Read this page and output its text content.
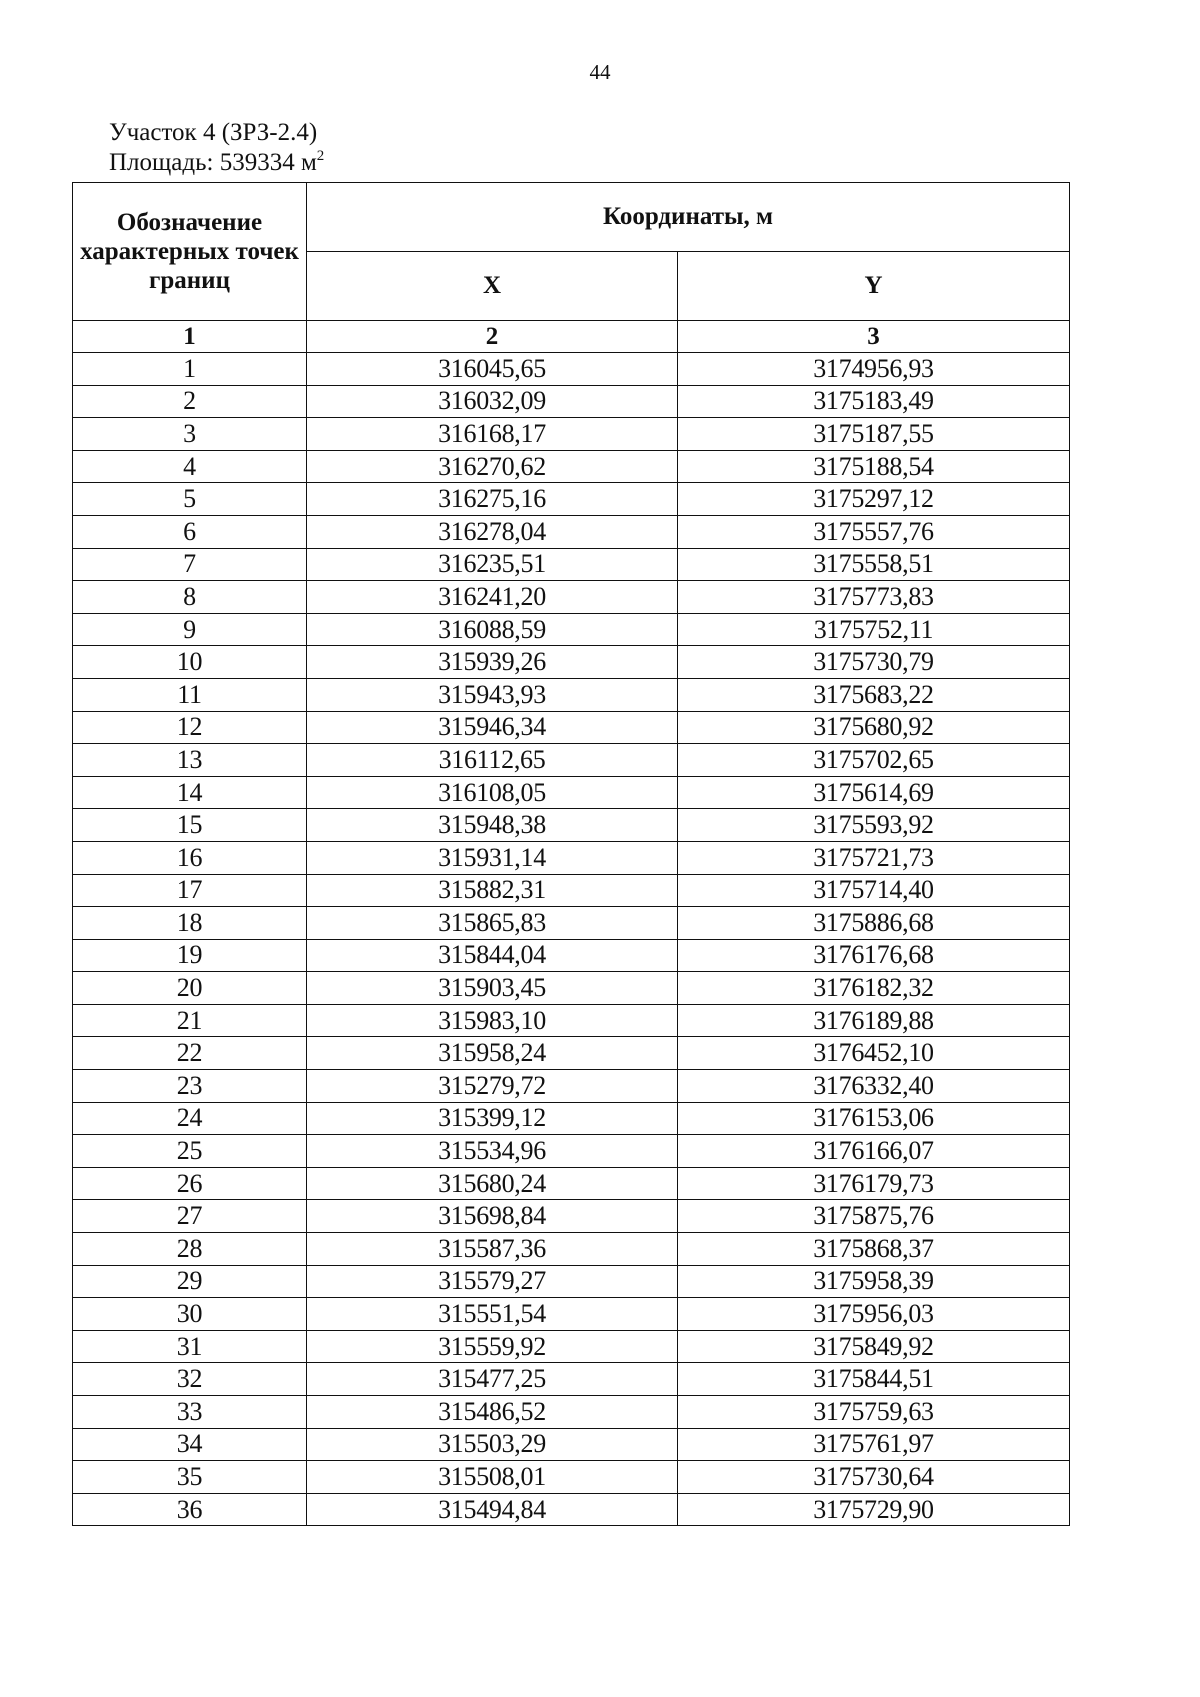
44
Участок 4 (ЗРЗ-2.4)
Площадь: 539334 $м^2$
Обозначение характерных точек границ	Координаты, м	
	X	Y
1	2	3
1	316045,65	3174956,93
2	316032,09	3175183,49
3	316168,17	3175187,55
4	316270,62	3175188,54
5	316275,16	3175297,12
6	316278,04	3175557,76
7	316235,51	3175558,51
8	316241,20	3175773,83
9	316088,59	3175752,11
10	315939,26	3175730,79
11	315943,93	3175683,22
12	315946,34	3175680,92
13	316112,65	3175702,65
14	316108,05	3175614,69
15	315948,38	3175593,92
16	315931,14	3175721,73
17	315882,31	3175714,40
18	315865,83	3175886,68
19	315844,04	3176176,68
20	315903,45	3176182,32
21	315983,10	3176189,88
22	315958,24	3176452,10
23	315279,72	3176332,40
24	315399,12	3176153,06
25	315534,96	3176166,07
26	315680,24	3176179,73
27	315698,84	3175875,76
28	315587,36	3175868,37
29	315579,27	3175958,39
30	315551,54	3175956,03
31	315559,92	3175849,92
32	315477,25	3175844,51
33	315486,52	3175759,63
34	315503,29	3175761,97
35	315508,01	3175730,64
36	315494,84	3175729,90
